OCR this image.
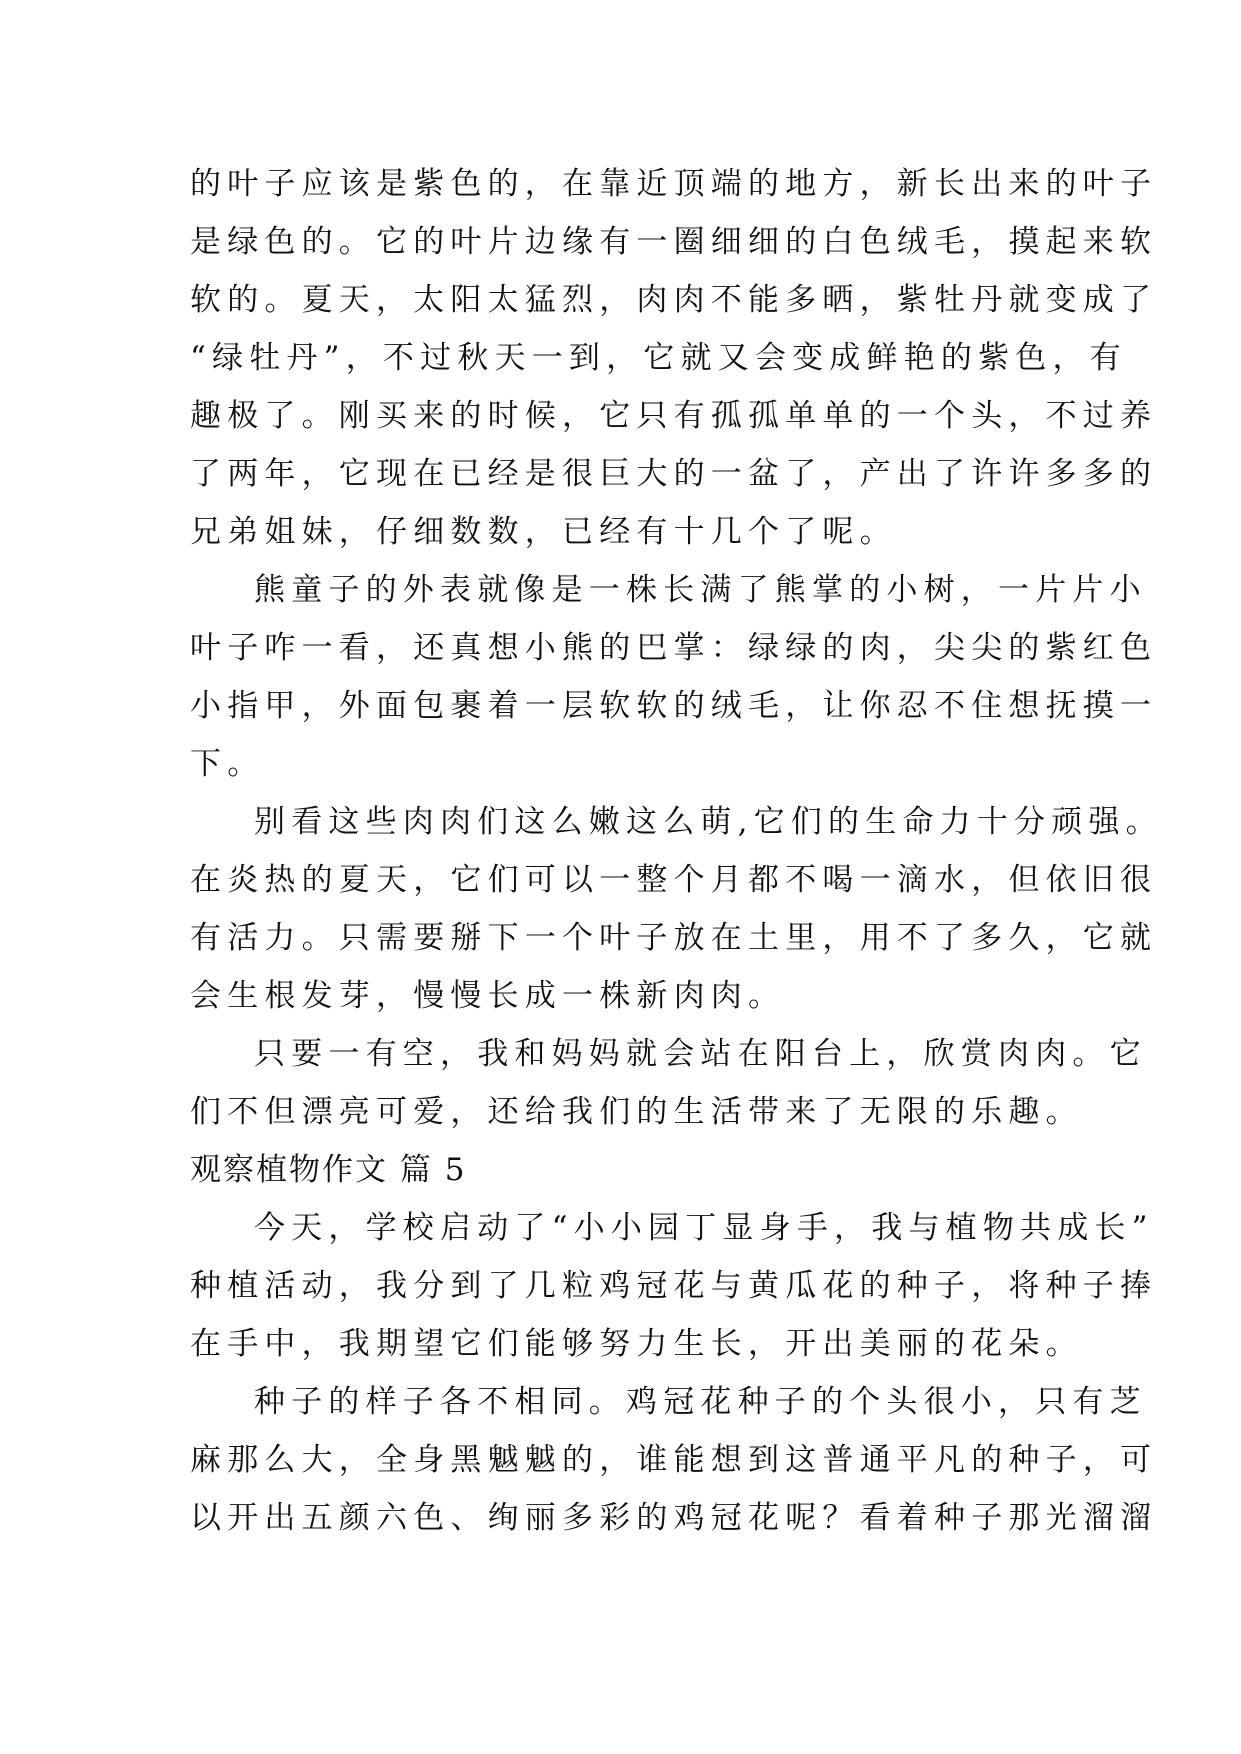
的叶子应该是紫色的，在靠近顶端的地方，新长出来的叶子
是绿色的。它的叶片边缘有一圈细细的白色绒毛，摸起来软
软的。夏天，太阳太猛烈，肉肉不能多晒，紫牡丹就变成了
“绿牡丹”，不过秋天一到，它就又会变成鲜艳的紫色，有
趣极了。刚买来的时候，它只有孤孤单单的一个头，不过养
了两年，它现在已经是很巨大的一盆了，产出了许许多多的
兄弟姐妹，仔细数数，已经有十几个了呢。
熊童子的外表就像是一株长满了熊掌的小树，一片片小
叶子咋一看，还真想小熊的巴掌：绿绿的肉，尖尖的紫红色
小指甲，外面包裹着一层软软的绒毛，让你忍不住想抚摸一
下。
别看这些肉肉们这么嫩这么萌,它们的生命力十分顽强。
在炎热的夏天，它们可以一整个月都不喝一滴水，但依旧很
有活力。只需要掰下一个叶子放在土里，用不了多久，它就
会生根发芽，慢慢长成一株新肉肉。
只要一有空，我和妈妈就会站在阳台上，欣赏肉肉。它
们不但漂亮可爱，还给我们的生活带来了无限的乐趣。
观察植物作文 篇 5
今天，学校启动了“小小园丁显身手，我与植物共成长”
种植活动，我分到了几粒鸡冠花与黄瓜花的种子，将种子捧
在手中，我期望它们能够努力生长，开出美丽的花朵。
种子的样子各不相同。鸡冠花种子的个头很小，只有芝
麻那么大，全身黑魆魆的，谁能想到这普通平凡的种子，可
以开出五颜六色、绚丽多彩的鸡冠花呢？看着种子那光溜溜
